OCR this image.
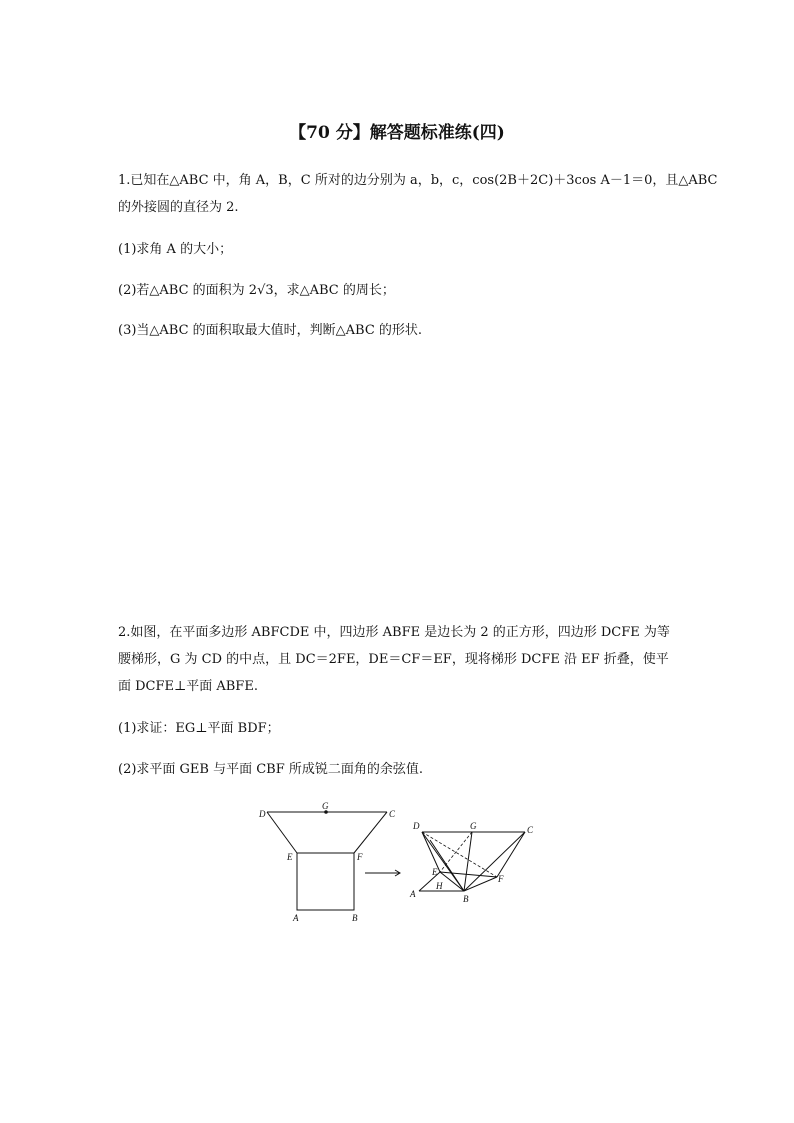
【70 分】解答题标准练(四)
1.已知在△ABC 中，角 A，B，C 所对的边分别为 a，b，c，cos(2B＋2C)＋3cos A－1＝0，且△ABC
的外接圆的直径为 2.
(1)求角 A 的大小；
(2)若△ABC 的面积为 2√3，求△ABC 的周长；
(3)当△ABC 的面积取最大值时，判断△ABC 的形状.
2.如图，在平面多边形 ABFCDE 中，四边形 ABFE 是边长为 2 的正方形，四边形 DCFE 为等
腰梯形，G 为 CD 的中点，且 DC＝2FE，DE＝CF＝EF，现将梯形 DCFE 沿 EF 折叠，使平
面 DCFE⊥平面 ABFE.
(1)求证：EG⊥平面 BDF；
(2)求平面 GEB 与平面 CBF 所成锐二面角的余弦值.
D
G
C
E	F
A	B
D	G	C
E
F
A	B
H
